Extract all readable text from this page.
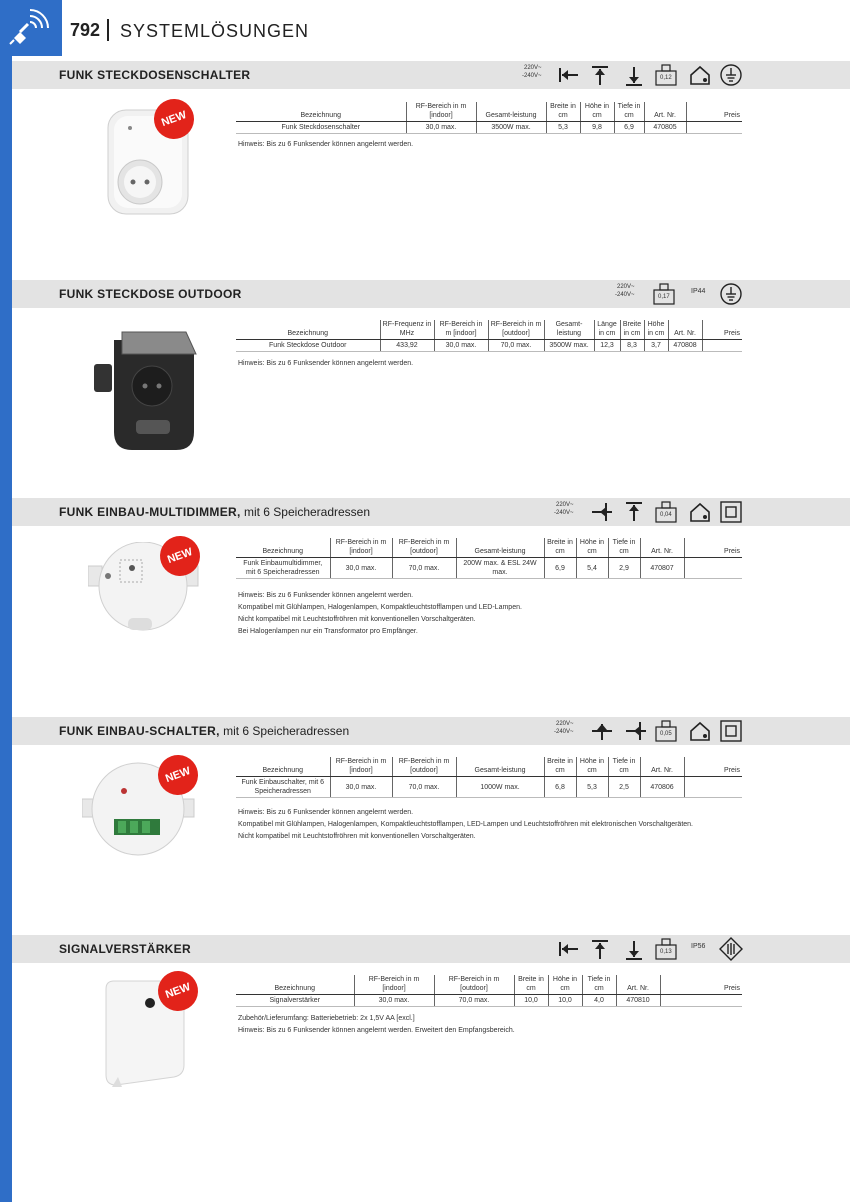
792 SYSTEMLÖSUNGEN
FUNK STECKDOSENSCHALTER	220V~
-240V~	0,12
NEW	Bezeichnung	RF-Bereich in m [indoor]	Gesamt-leistung	Breite in cm	Höhe in cm	Tiefe in cm	Art. Nr.	Preis
Funk Steckdosenschalter	30,0 max.	3500W max.	5,3	9,8	6,9	470805	
Hinweis: Bis zu 6 Funksender können angelernt werden.
FUNK STECKDOSE OUTDOOR	220V~
-240V~	0,17
IP44
Bezeichnung	RF-Frequenz in MHz	RF-Bereich in m [indoor]	RF-Bereich in m [outdoor]	Gesamt-leistung	Länge in cm	Breite in cm	Höhe in cm	Art. Nr.	Preis
Funk Steckdose Outdoor	433,92	30,0 max.	70,0 max.	3500W max.	12,3	8,3	3,7	470808	
Hinweis: Bis zu 6 Funksender können angelernt werden.
FUNK EINBAU-MULTIDIMMER, mit 6 Speicheradressen	220V~
-240V~	0,04
NEW	Bezeichnung	RF-Bereich in m [indoor]	RF-Bereich in m [outdoor]	Gesamt-leistung	Breite in cm	Höhe in cm	Tiefe in cm	Art. Nr.	Preis
Funk Einbaumultidimmer, mit 6 Speicheradressen	30,0 max.	70,0 max.	200W max. & ESL 24W max.	6,9	5,4	2,9	470807	
Hinweis: Bis zu 6 Funksender können angelernt werden.
Kompatibel mit Glühlampen, Halogenlampen, Kompaktleuchtstofflampen und LED-Lampen.
Nicht kompatibel mit Leuchtstoffröhren mit konventionellen Vorschaltgeräten.
Bei Halogenlampen nur ein Transformator pro Empfänger.
FUNK EINBAU-SCHALTER, mit 6 Speicheradressen	220V~
-240V~	0,05
NEW	Bezeichnung	RF-Bereich in m [indoor]	RF-Bereich in m [outdoor]	Gesamt-leistung	Breite in cm	Höhe in cm	Tiefe in cm	Art. Nr.	Preis
Funk Einbauschalter, mit 6 Speicheradressen	30,0 max.	70,0 max.	1000W max.	6,8	5,3	2,5	470806	
Hinweis: Bis zu 6 Funksender können angelernt werden.
Kompatibel mit Glühlampen, Halogenlampen, Kompaktleuchtstofflampen, LED-Lampen und Leuchtstoffröhren mit elektronischen Vorschaltgeräten.
Nicht kompatibel mit Leuchtstoffröhren mit konventionellen Vorschaltgeräten.
SIGNALVERSTÄRKER	0,13
IP56
NEW	Bezeichnung	RF-Bereich in m [indoor]	RF-Bereich in m [outdoor]	Breite in cm	Höhe in cm	Tiefe in cm	Art. Nr.	Preis
Signalverstärker	30,0 max.	70,0 max.	10,0	10,0	4,0	470810	
Zubehör/Lieferumfang: Batteriebetrieb: 2x 1,5V AA [excl.]
Hinweis: Bis zu 6 Funksender können angelernt werden. Erweitert den Empfangsbereich.
